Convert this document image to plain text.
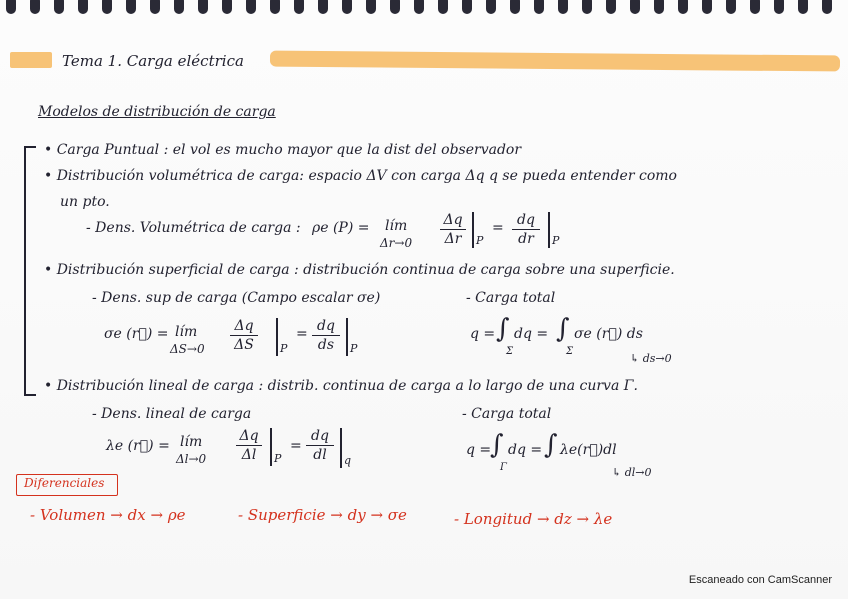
Tema 1. Carga eléctrica
Modelos de distribución de carga
• Carga Puntual : el vol es mucho mayor que la dist del observador
• Distribución volumétrica de carga: espacio ΔV con carga Δq q se pueda entender como
un pto.
- Dens. Volumétrica de carga : ρe (P) = lím
Δr→0
Δq
Δr	P
= dq
dr	P
• Distribución superficial de carga : distribución continua de carga sobre una superficie.
- Dens. sup de carga (Campo escalar σe)	- Carga total
σe (r⃗) = lím
ΔS→0
Δq
ΔS	P
= dq
ds	P
q = ∫
Σ
dq = ∫
Σ
σe (r⃗) ds
↳ ds→0
• Distribución lineal de carga : distrib. continua de carga a lo largo de una curva Γ.
- Dens. lineal de carga	- Carga total
λe (r⃗) = lím
Δl→0
Δq
Δl	P
=
dq
dl	q
q =
∫
Γ
dq = ∫ λe(r⃗)dl
↳ dl→0
Diferenciales
- Volumen → dx → ρe	- Superficie → dy → σe	- Longitud → dz → λe
Escaneado con CamScanner
